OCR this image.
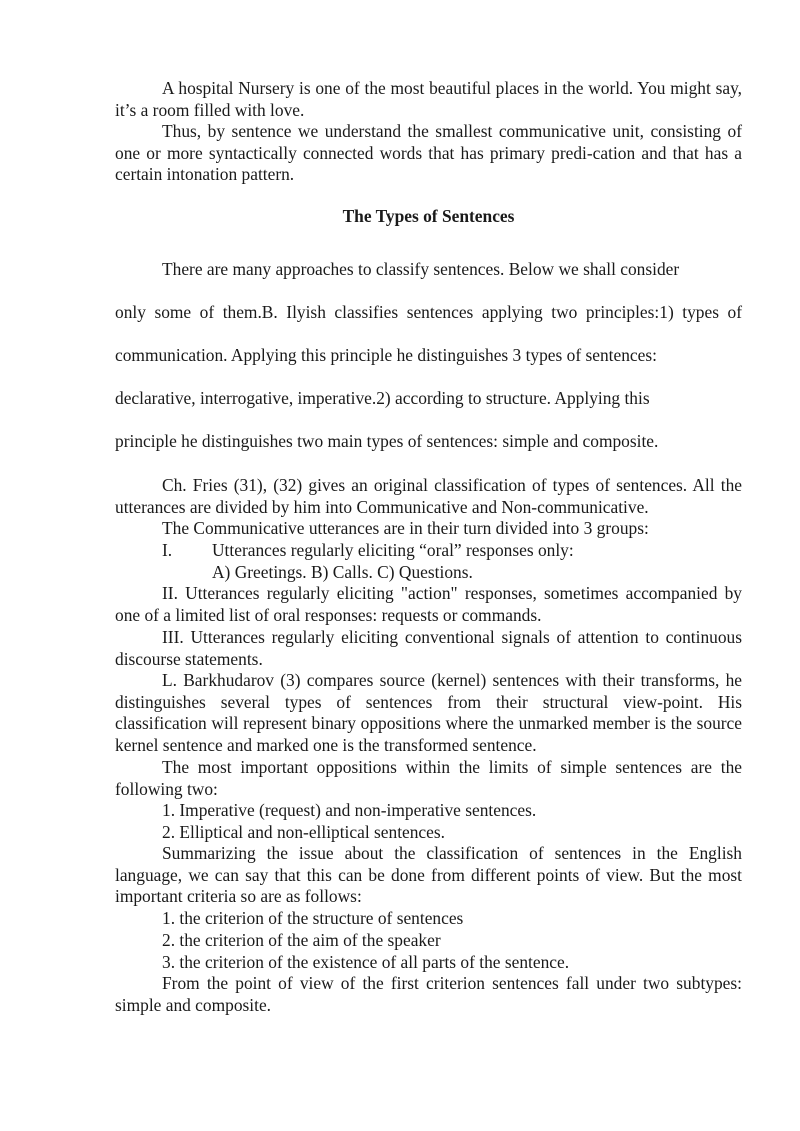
A hospital Nursery is one of the most beautiful places in the world. You might say, it’s a room filled with love.

Thus, by sentence we understand the smallest communicative unit, consisting of one or more syntactically connected words that has primary predi-cation and that has a certain intonation pattern.

The Types of Sentences
There are many approaches to classify sentences. Below we shall consider
only some of them.B. Ilyish classifies sentences applying two principles:1) types of
communication. Applying this principle he distinguishes 3 types of sentences:
declarative, interrogative, imperative.2) according to structure. Applying this
principle he distinguishes two main types of sentences: simple and composite.

Ch. Fries (31), (32) gives an original classification of types of sentences. All the utterances are divided by him into Communicative and Non-communicative.

The Communicative utterances are in their turn divided into 3 groups:

I. Utterances regularly eliciting “oral” responses only:

A) Greetings. B) Calls. C) Questions.

II. Utterances regularly eliciting "action" responses, sometimes accompanied by one of a limited list of oral responses: requests or commands.

III. Utterances regularly eliciting conventional signals of attention to continuous discourse statements.

L. Barkhudarov (3) compares source (kernel) sentences with their transforms, he distinguishes several types of sentences from their structural view-point. His classification will represent binary oppositions where the unmarked member is the source kernel sentence and marked one is the transformed sentence.

The most important oppositions within the limits of simple sentences are the following two:

1. Imperative (request) and non-imperative sentences.

2. Elliptical and non-elliptical sentences.

Summarizing the issue about the classification of sentences in the English language, we can say that this can be done from different points of view. But the most important criteria so are as follows:

1. the criterion of the structure of sentences

2. the criterion of the aim of the speaker

3. the criterion of the existence of all parts of the sentence.

From the point of view of the first criterion sentences fall under two subtypes: simple and composite.
